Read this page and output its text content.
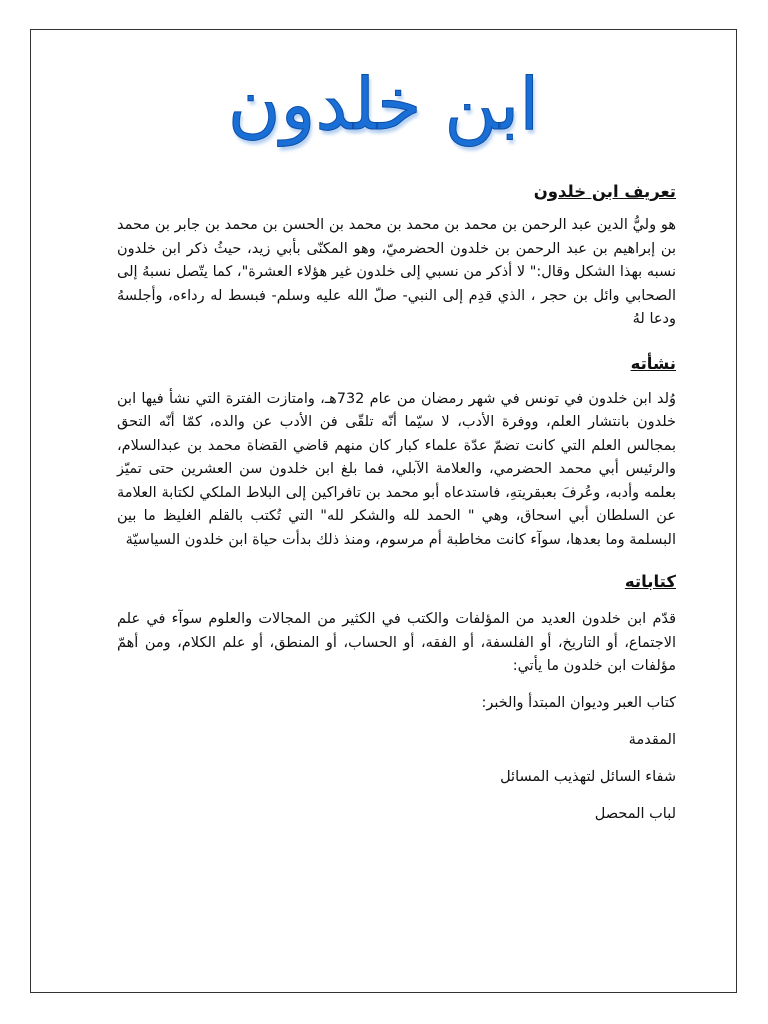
ابن خلدون
تعريف ابن خلدون

هو وليُّ الدين عبد الرحمن بن محمد بن محمد بن محمد بن الحسن بن محمد بن جابر بن محمد بن إبراهيم بن عبد الرحمن بن خلدون الحضرميّ، وهو المكنّى بأبي زيد، حيثُ ذكر ابن خلدون نسبه بهذا الشكل وقال:" لا أذكر من نسبي إلى خلدون غير هؤلاء العشرة"، كما يتّصل نسبهُ إلى الصحابي وائل بن حجر ، الذي قدِم إلى النبي- صلّ الله عليه وسلم- فبسط له رداءه، وأجلسهُ ودعا لهُ

نشأته

وُلد ابن خلدون في تونس في شهر رمضان من عام 732هـ، وامتازت الفترة التي نشأ فيها ابن خلدون بانتشار العلم، ووفرة الأدب، لا سيّما أنّه تلقّى فن الأدب عن والده، كمّا أنّه التحق بمجالس العلم التي كانت تضمّ عدّة علماء كبار كان منهم قاضي القضاة محمد بن عبدالسلام، والرئيس أبي محمد الحضرمي، والعلامة الآبلي، فما بلغ ابن خلدون سن العشرين حتى تميّز بعلمه وأدبه، وعُرفَ بعبقريتهِ، فاستدعاه أبو محمد بن تافراكين إلى البلاط الملكي لكتابة العلامة عن السلطان أبي اسحاق، وهي " الحمد لله والشكر لله" التي تُكتب بالقلم الغليظ ما بين البسلمة وما بعدها، سوآء كانت مخاطبة أم مرسوم، ومنذ ذلك بدأت حياة ابن خلدون السياسيّة

كتاباته

قدّم ابن خلدون العديد من المؤلفات والكتب في الكثير من المجالات والعلوم سوآء في علم الاجتماع، أو التاريخ، أو الفلسفة، أو الفقه، أو الحساب، أو المنطق، أو علم الكلام، ومن أهمّ مؤلفات ابن خلدون ما يأتي:

كتاب العبر وديوان المبتدأ والخبر:
المقدمة
شفاء السائل لتهذيب المسائل
لباب المحصل
